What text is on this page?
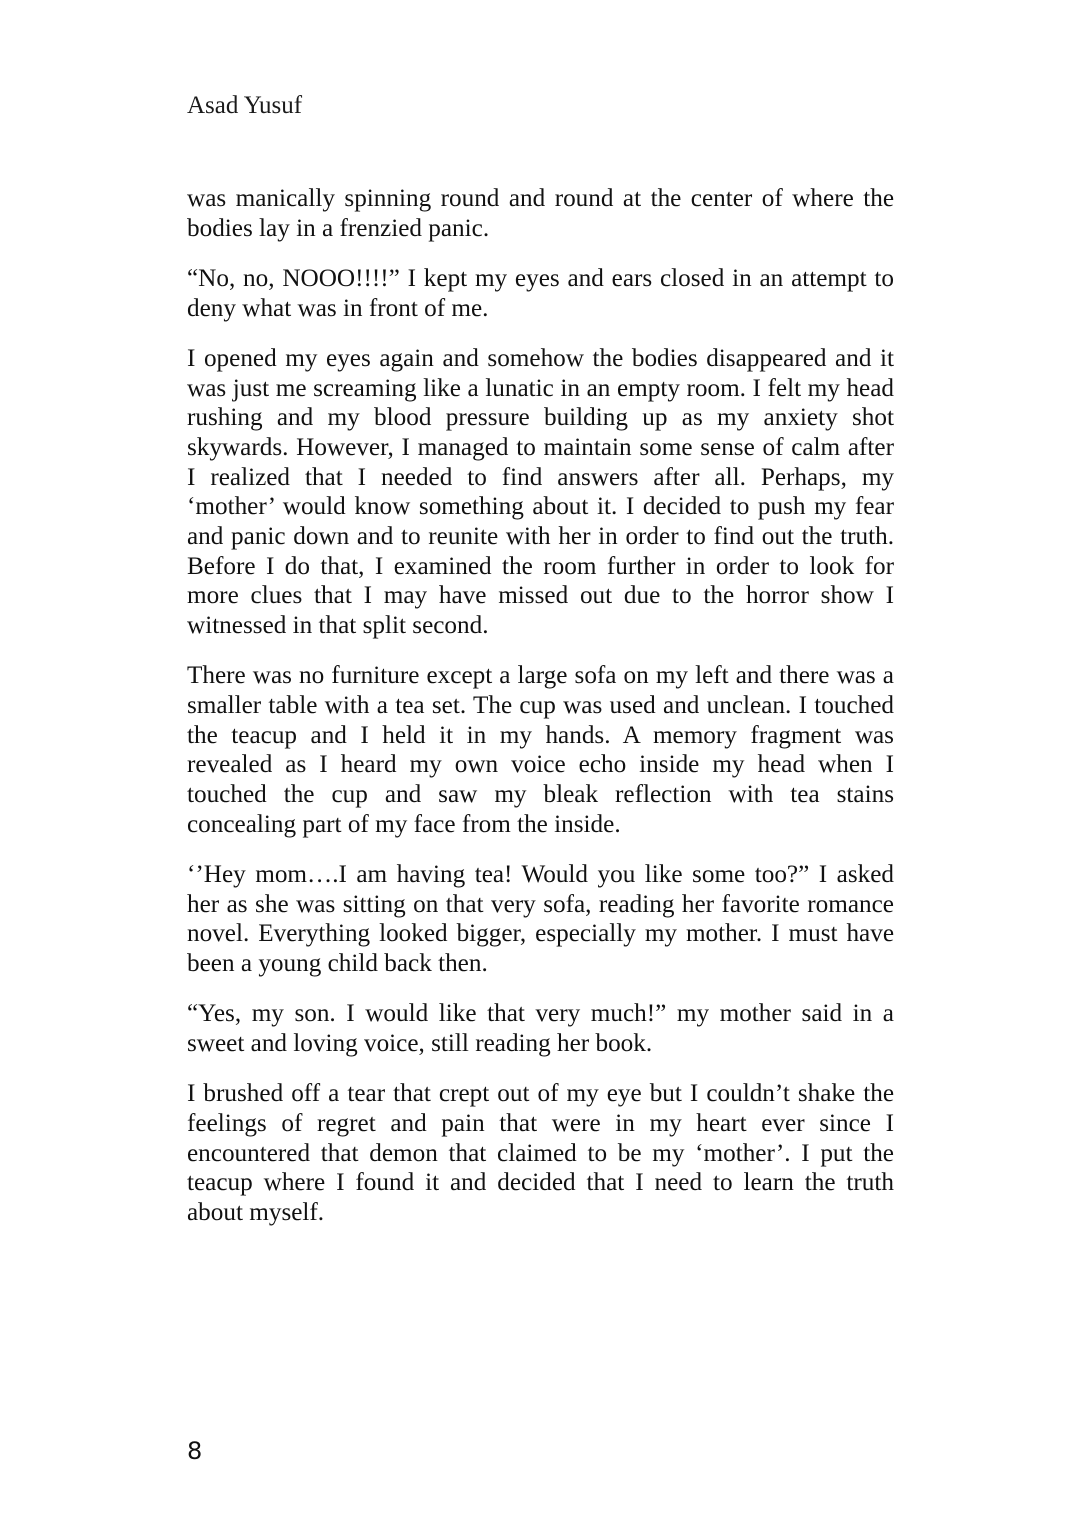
Asad Yusuf

was manically spinning round and round at the center of where the bodies lay in a frenzied panic.

“No, no, NOOO!!!!” I kept my eyes and ears closed in an attempt to deny what was in front of me.

I opened my eyes again and somehow the bodies disappeared and it was just me screaming like a lunatic in an empty room. I felt my head rushing and my blood pressure building up as my anxiety shot skywards. However, I managed to maintain some sense of calm after I realized that I needed to find answers after all. Perhaps, my ‘mother’ would know something about it. I decided to push my fear and panic down and to reunite with her in order to find out the truth. Before I do that, I examined the room further in order to look for more clues that I may have missed out due to the horror show I witnessed in that split second.

There was no furniture except a large sofa on my left and there was a smaller table with a tea set. The cup was used and unclean. I touched the teacup and I held it in my hands. A memory fragment was revealed as I heard my own voice echo inside my head when I touched the cup and saw my bleak reflection with tea stains concealing part of my face from the inside.

‘’Hey mom….I am having tea! Would you like some too?” I asked her as she was sitting on that very sofa, reading her favorite romance novel. Everything looked bigger, especially my mother. I must have been a young child back then.

“Yes, my son. I would like that very much!” my mother said in a sweet and loving voice, still reading her book.

I brushed off a tear that crept out of my eye but I couldn’t shake the feelings of regret and pain that were in my heart ever since I encountered that demon that claimed to be my ‘mother’. I put the teacup where I found it and decided that I need to learn the truth about myself.

8
